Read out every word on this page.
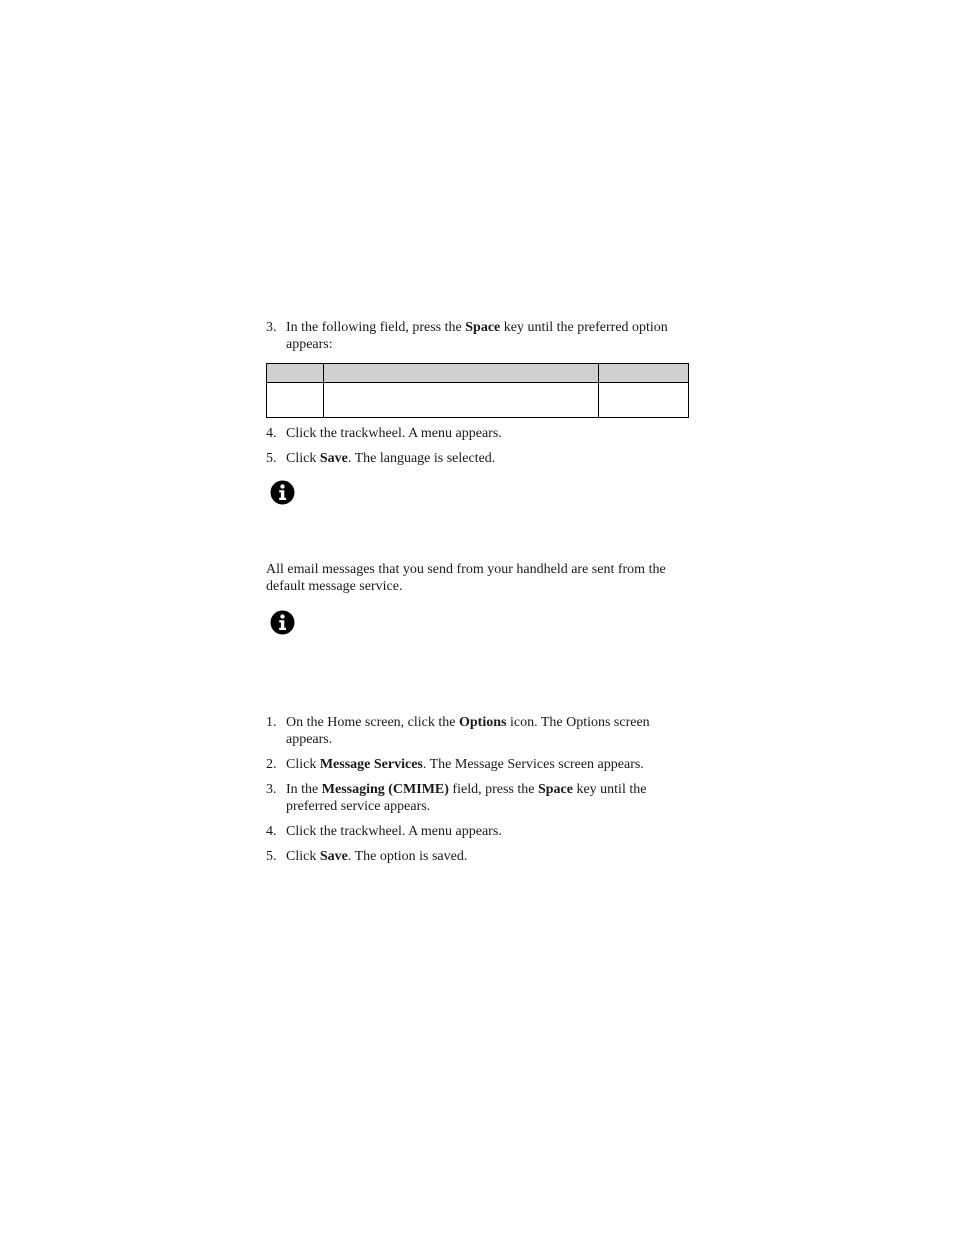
3. In the following field, press the Space key until the preferred option appears:

4. Click the trackwheel. A menu appears.
5. Click Save. The language is selected.
All email messages that you send from your handheld are sent from the default message service.
1. On the Home screen, click the Options icon. The Options screen appears.
2. Click Message Services. The Message Services screen appears.
3. In the Messaging (CMIME) field, press the Space key until the preferred service appears.
4. Click the trackwheel. A menu appears.
5. Click Save. The option is saved.
